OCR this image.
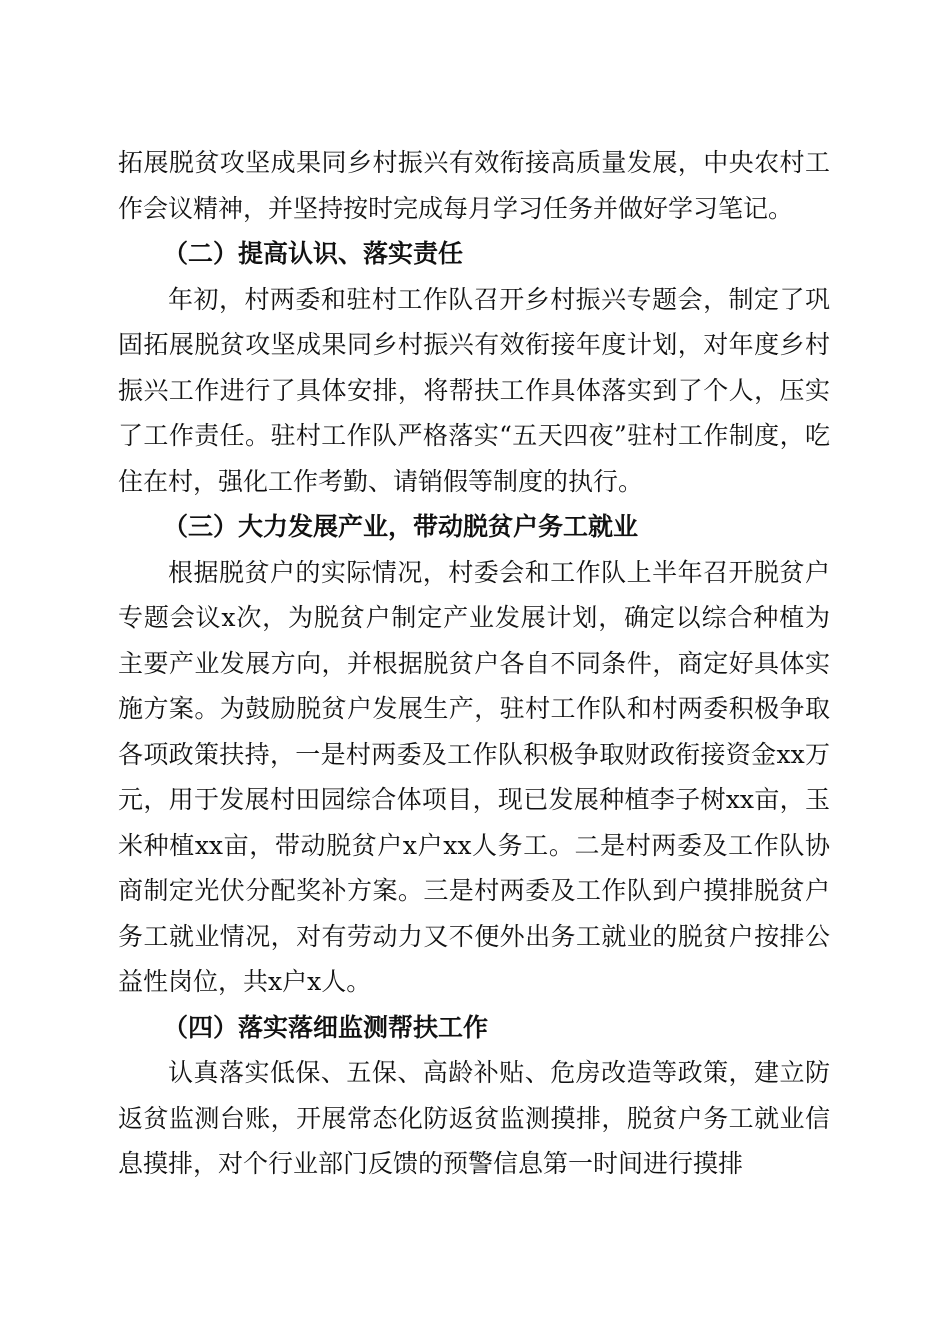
拓展脱贫攻坚成果同乡村振兴有效衔接高质量发展，中央农村工作会议精神，并坚持按时完成每月学习任务并做好学习笔记。

（二）提高认识、落实责任

年初，村两委和驻村工作队召开乡村振兴专题会，制定了巩固拓展脱贫攻坚成果同乡村振兴有效衔接年度计划，对年度乡村振兴工作进行了具体安排，将帮扶工作具体落实到了个人，压实了工作责任。驻村工作队严格落实“五天四夜”驻村工作制度，吃住在村，强化工作考勤、请销假等制度的执行。

（三）大力发展产业，带动脱贫户务工就业

根据脱贫户的实际情况，村委会和工作队上半年召开脱贫户专题会议x次，为脱贫户制定产业发展计划，确定以综合种植为主要产业发展方向，并根据脱贫户各自不同条件，商定好具体实施方案。为鼓励脱贫户发展生产，驻村工作队和村两委积极争取各项政策扶持，一是村两委及工作队积极争取财政衔接资金xx万元，用于发展村田园综合体项目，现已发展种植李子树xx亩，玉米种植xx亩，带动脱贫户x户xx人务工。二是村两委及工作队协商制定光伏分配奖补方案。三是村两委及工作队到户摸排脱贫户务工就业情况，对有劳动力又不便外出务工就业的脱贫户按排公益性岗位，共x户x人。

（四）落实落细监测帮扶工作

认真落实低保、五保、高龄补贴、危房改造等政策，建立防返贫监测台账，开展常态化防返贫监测摸排，脱贫户务工就业信息摸排，对个行业部门反馈的预警信息第一时间进行摸排
